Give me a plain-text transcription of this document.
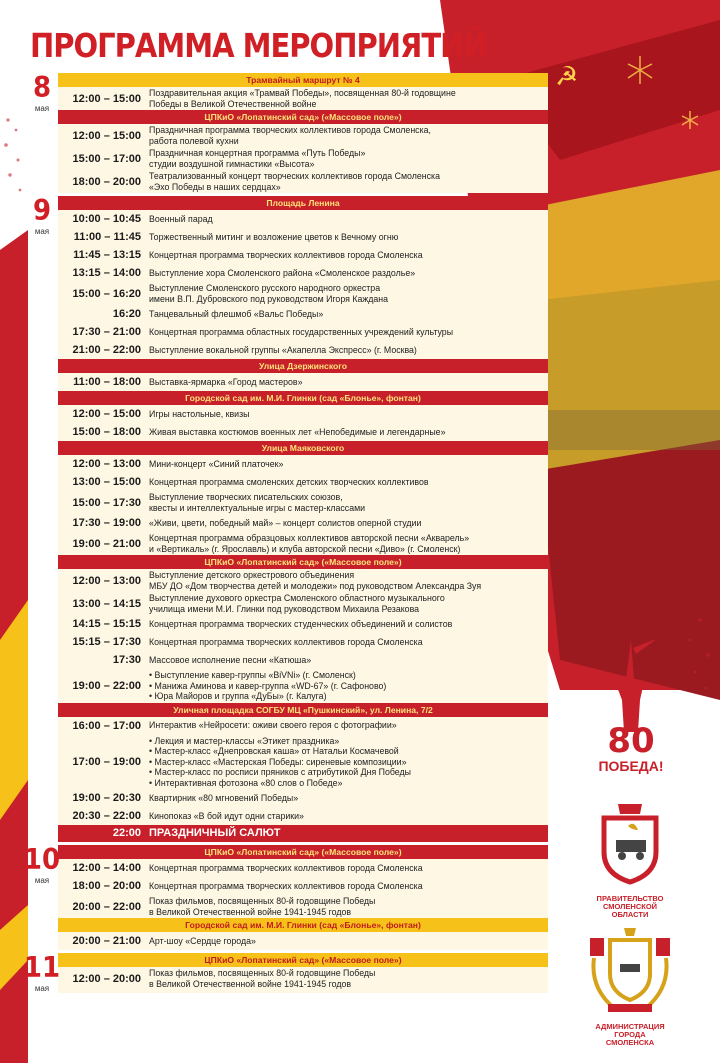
☭
ПРОГРАММА МЕРОПРИЯТИЙ
8
мая
Трамвайный маршрут № 4
12:00 – 15:00 Поздравительная акция «Трамвай Победы», посвященная 80-й годовщине
Победы в Великой Отечественной войне
ЦПКиО «Лопатинский сад» («Массовое поле»)
12:00 – 15:00 Праздничная программа творческих коллективов города Смоленска,
работа полевой кухни
15:00 – 17:00 Праздничная концертная программа «Путь Победы»
студии воздушной гимнастики «Высота»
18:00 – 20:00 Театрализованный концерт творческих коллективов города Смоленска
«Эхо Победы в наших сердцах»
9
мая
Площадь Ленина
10:00 – 10:45 Военный парад
11:00 – 11:45 Торжественный митинг и возложение цветов к Вечному огню
11:45 – 13:15 Концертная программа творческих коллективов города Смоленска
13:15 – 14:00 Выступление хора Смоленского района «Смоленское раздолье»
15:00 – 16:20 Выступление Смоленского русского народного оркестра
имени В.П. Дубровского под руководством Игоря Каждана
16:20 Танцевальный флешмоб «Вальс Победы»
17:30 – 21:00 Концертная программа областных государственных учреждений культуры
21:00 – 22:00 Выступление вокальной группы «Акапелла Экспресс» (г. Москва)
Улица Дзержинского
11:00 – 18:00 Выставка-ярмарка «Город мастеров»
Городской сад им. М.И. Глинки (сад «Блонье», фонтан)
12:00 – 15:00 Игры настольные, квизы
15:00 – 18:00 Живая выставка костюмов военных лет «Непобедимые и легендарные»
Улица Маяковского
12:00 – 13:00 Мини-концерт «Синий платочек»
13:00 – 15:00 Концертная программа смоленских детских творческих коллективов
15:00 – 17:30 Выступление творческих писательских союзов,
квесты и интеллектуальные игры с мастер-классами
17:30 – 19:00 «Живи, цвети, победный май» – концерт солистов оперной студии
19:00 – 21:00 Концертная программа образцовых коллективов авторской песни «Акварель»
и «Вертикаль» (г. Ярославль) и клуба авторской песни «Диво» (г. Смоленск)
ЦПКиО «Лопатинский сад» («Массовое поле»)
12:00 – 13:00 Выступление детского оркестрового объединения
МБУ ДО «Дом творчества детей и молодежи» под руководством Александра Зуя
13:00 – 14:15 Выступление духового оркестра Смоленского областного музыкального
училища имени М.И. Глинки под руководством Михаила Резакова
14:15 – 15:15 Концертная программа творческих студенческих объединений и солистов
15:15 – 17:30 Концертная программа творческих коллективов города Смоленска
17:30 Массовое исполнение песни «Катюша»
19:00 – 22:00
• Выступление кавер-группы «BiVNi» (г. Смоленск)
• Манижа Аминова и кавер-группа «WD-67» (г. Сафоново)
• Юра Майоров и группа «ДуБы» (г. Калуга)
Уличная площадка СОГБУ МЦ «Пушкинский», ул. Ленина, 7/2
16:00 – 17:00 Интерактив «Нейросети: оживи своего героя с фотографии»
17:00 – 19:00
• Лекция и мастер-классы «Этикет праздника»
• Мастер-класс «Днепровская каша» от Натальи Космачевой
• Мастер-класс «Мастерская Победы: сиреневые композиции»
• Мастер-класс по росписи пряников с атрибутикой Дня Победы
• Интерактивная фотозона «80 слов о Победе»
19:00 – 20:30 Квартирник «80 мгновений Победы»
20:30 – 22:00 Кинопоказ «В бой идут одни старики»
22:00 ПРАЗДНИЧНЫЙ САЛЮТ
10
мая
ЦПКиО «Лопатинский сад» («Массовое поле»)
12:00 – 14:00 Концертная программа творческих коллективов города Смоленска
18:00 – 20:00 Концертная программа творческих коллективов города Смоленска
20:00 – 22:00 Показ фильмов, посвященных 80-й годовщине Победы
в Великой Отечественной войне 1941-1945 годов
Городской сад им. М.И. Глинки (сад «Блонье», фонтан)
20:00 – 21:00 Арт-шоу «Сердце города»
11
мая
ЦПКиО «Лопатинский сад» («Массовое поле»)
12:00 – 20:00 Показ фильмов, посвященных 80-й годовщине Победы
в Великой Отечественной войне 1941-1945 годов
80
ПОБЕДА!
ПРАВИТЕЛЬСТВО
СМОЛЕНСКОЙ
ОБЛАСТИ
АДМИНИСТРАЦИЯ
ГОРОДА
СМОЛЕНСКА
